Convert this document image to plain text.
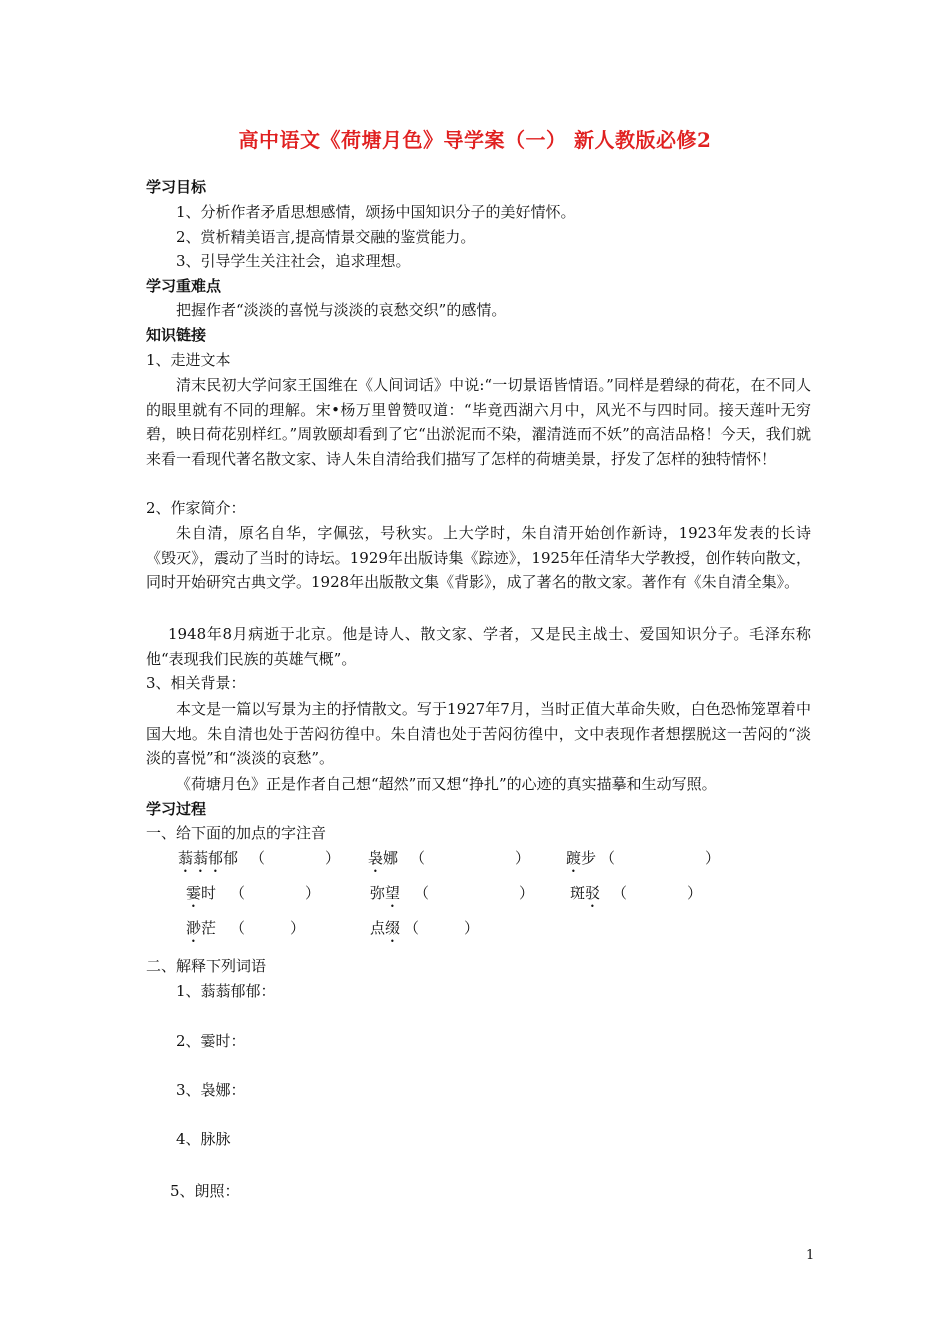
高中语文《荷塘月色》导学案（一） 新人教版必修2
学习目标
1、分析作者矛盾思想感情，颂扬中国知识分子的美好情怀。
2、赏析精美语言,提高情景交融的鉴赏能力。
3、引导学生关注社会，追求理想。
学习重难点
把握作者“淡淡的喜悦与淡淡的哀愁交织”的感情。
知识链接
1、走进文本

清末民初大学问家王国维在《人间词话》中说:“一切景语皆情语。”同样是碧绿的荷花，在不同人的眼里就有不同的理解。宋•杨万里曾赞叹道：“毕竟西湖六月中，风光不与四时同。接天莲叶无穷碧，映日荷花别样红。”周敦颐却看到了它“出淤泥而不染，濯清涟而不妖”的高洁品格！今天，我们就来看一看现代著名散文家、诗人朱自清给我们描写了怎样的荷塘美景，抒发了怎样的独特情怀！

2、作家简介：

朱自清，原名自华，字佩弦，号秋实。上大学时，朱自清开始创作新诗，1923年发表的长诗《毁灭》，震动了当时的诗坛。1929年出版诗集《踪迹》，1925年任清华大学教授，创作转向散文，同时开始研究古典文学。1928年出版散文集《背影》，成了著名的散文家。著作有《朱自清全集》。

1948年8月病逝于北京。他是诗人、散文家、学者，又是民主战士、爱国知识分子。毛泽东称他“表现我们民族的英雄气概”。

3、相关背景：

本文是一篇以写景为主的抒情散文。写于1927年7月，当时正值大革命失败，白色恐怖笼罩着中国大地。朱自清也处于苦闷彷徨中。朱自清也处于苦闷彷徨中，文中表现作者想摆脱这一苦闷的“淡淡的喜悦”和“淡淡的哀愁”。

《荷塘月色》正是作者自己想“超然”而又想“挣扎”的心迹的真实描摹和生动写照。

学习过程
一、给下面的加点的字注音
蓊蓊郁郁 （　　　　） 袅娜 （　　　　　　） 踱步 （　　　　　　）
霎时 （　　　　）	弥望 （　　　　　　） 斑驳 （　　　　）
渺茫 （　　　）	点缀 （　　　）
二、解释下列词语
1、蓊蓊郁郁：
2、霎时：
3、袅娜：
4、脉脉
5、朗照：
1
